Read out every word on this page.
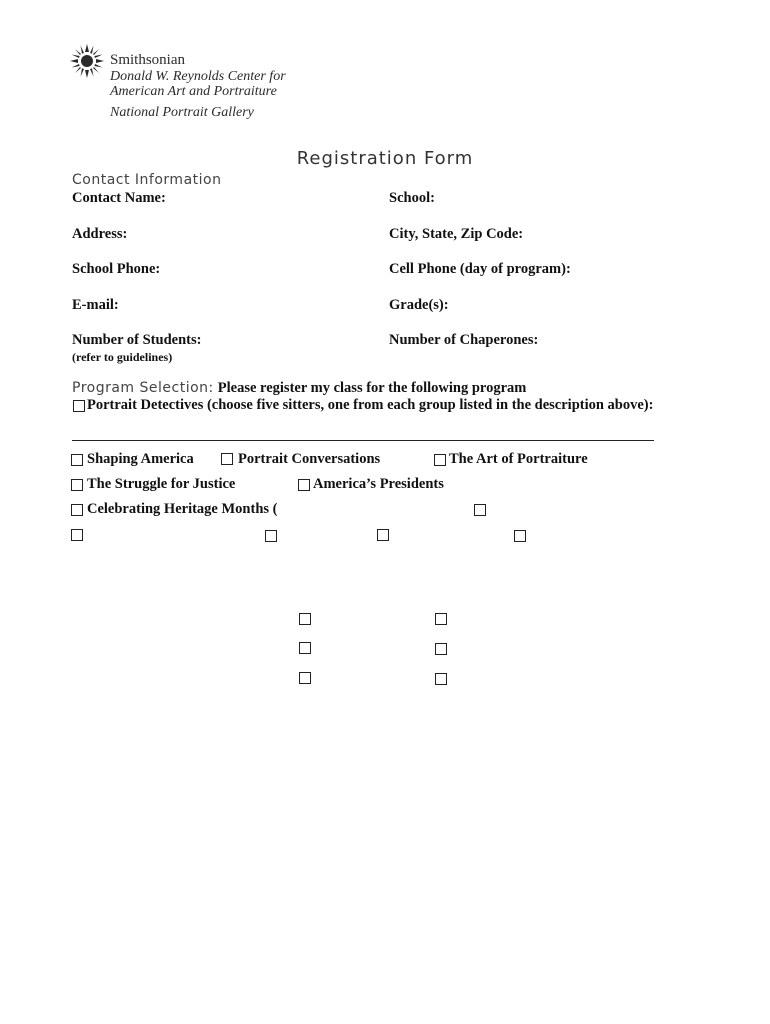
Smithsonian
Donald W. Reynolds Center for
American Art and Portraiture
National Portrait Gallery
Registration Form
Contact Information
Contact Name:	School:
Address:	City, State, Zip Code:
School Phone:	Cell Phone (day of program):
E-mail:	Grade(s):
Number of Students:	Number of Chaperones:
(refer to guidelines)
Program Selection: Please register my class for the following program
Portrait Detectives (choose five sitters, one from each group listed in the description above):
Shaping America	Portrait Conversations	The Art of Portraiture
The Struggle for Justice	America’s Presidents
Celebrating Heritage Months (
